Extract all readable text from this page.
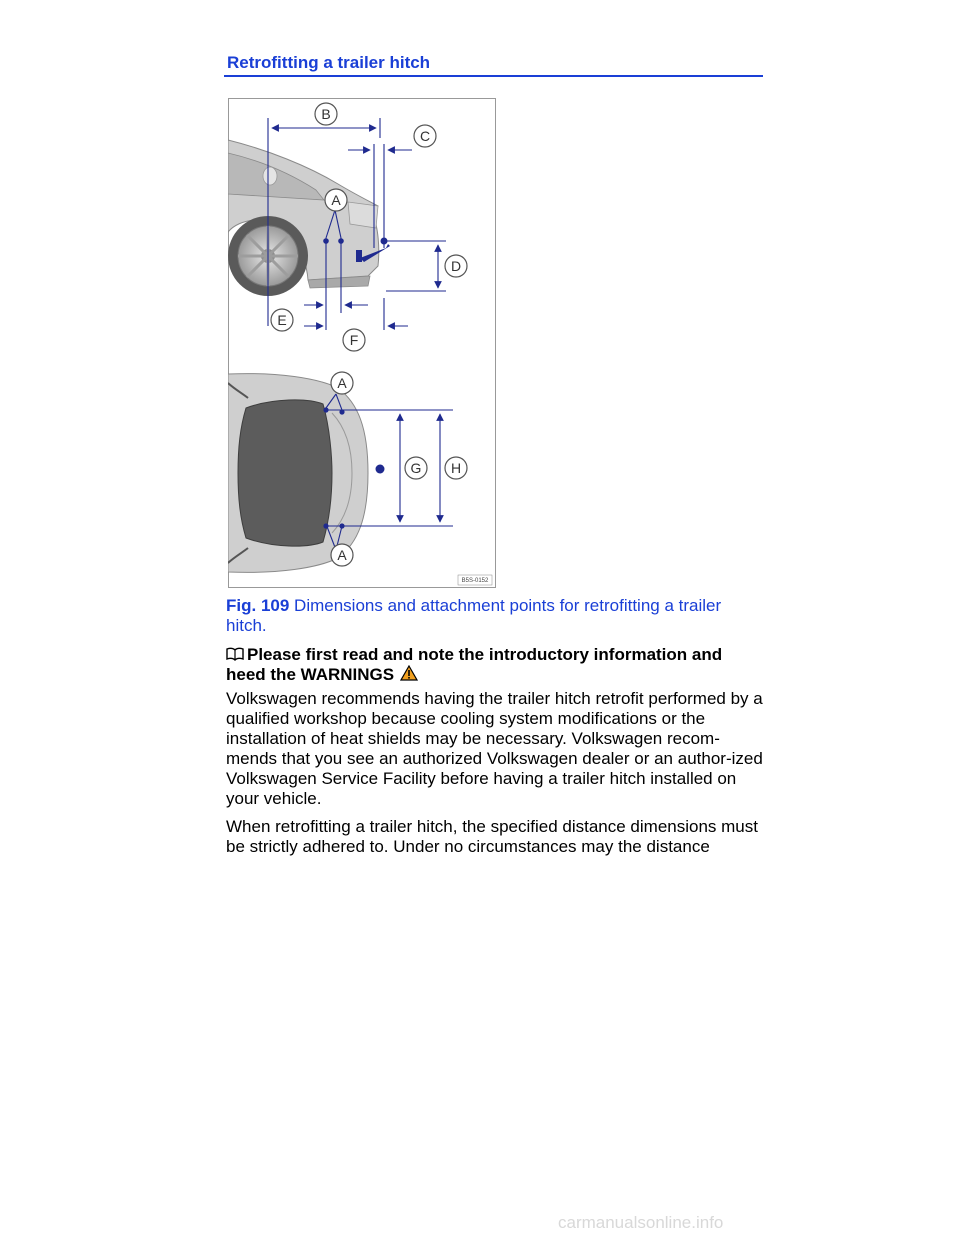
Retrofitting a trailer hitch
B
C
A
D
E
F
A
G H
A
B5S-0152

Fig. 109 Dimensions and attachment points for retrofitting a trailer hitch.

Please first read and note the introductory information and heed the WARNINGS

Volkswagen recommends having the trailer hitch retrofit performed by a qualified workshop because cooling system modifications or the installation of heat shields may be necessary. Volkswagen recom-mends that you see an authorized Volkswagen dealer or an author-ized Volkswagen Service Facility before having a trailer hitch installed on your vehicle.

When retrofitting a trailer hitch, the specified distance dimensions must be strictly adhered to. Under no circumstances may the distance

carmanualsonline.info
